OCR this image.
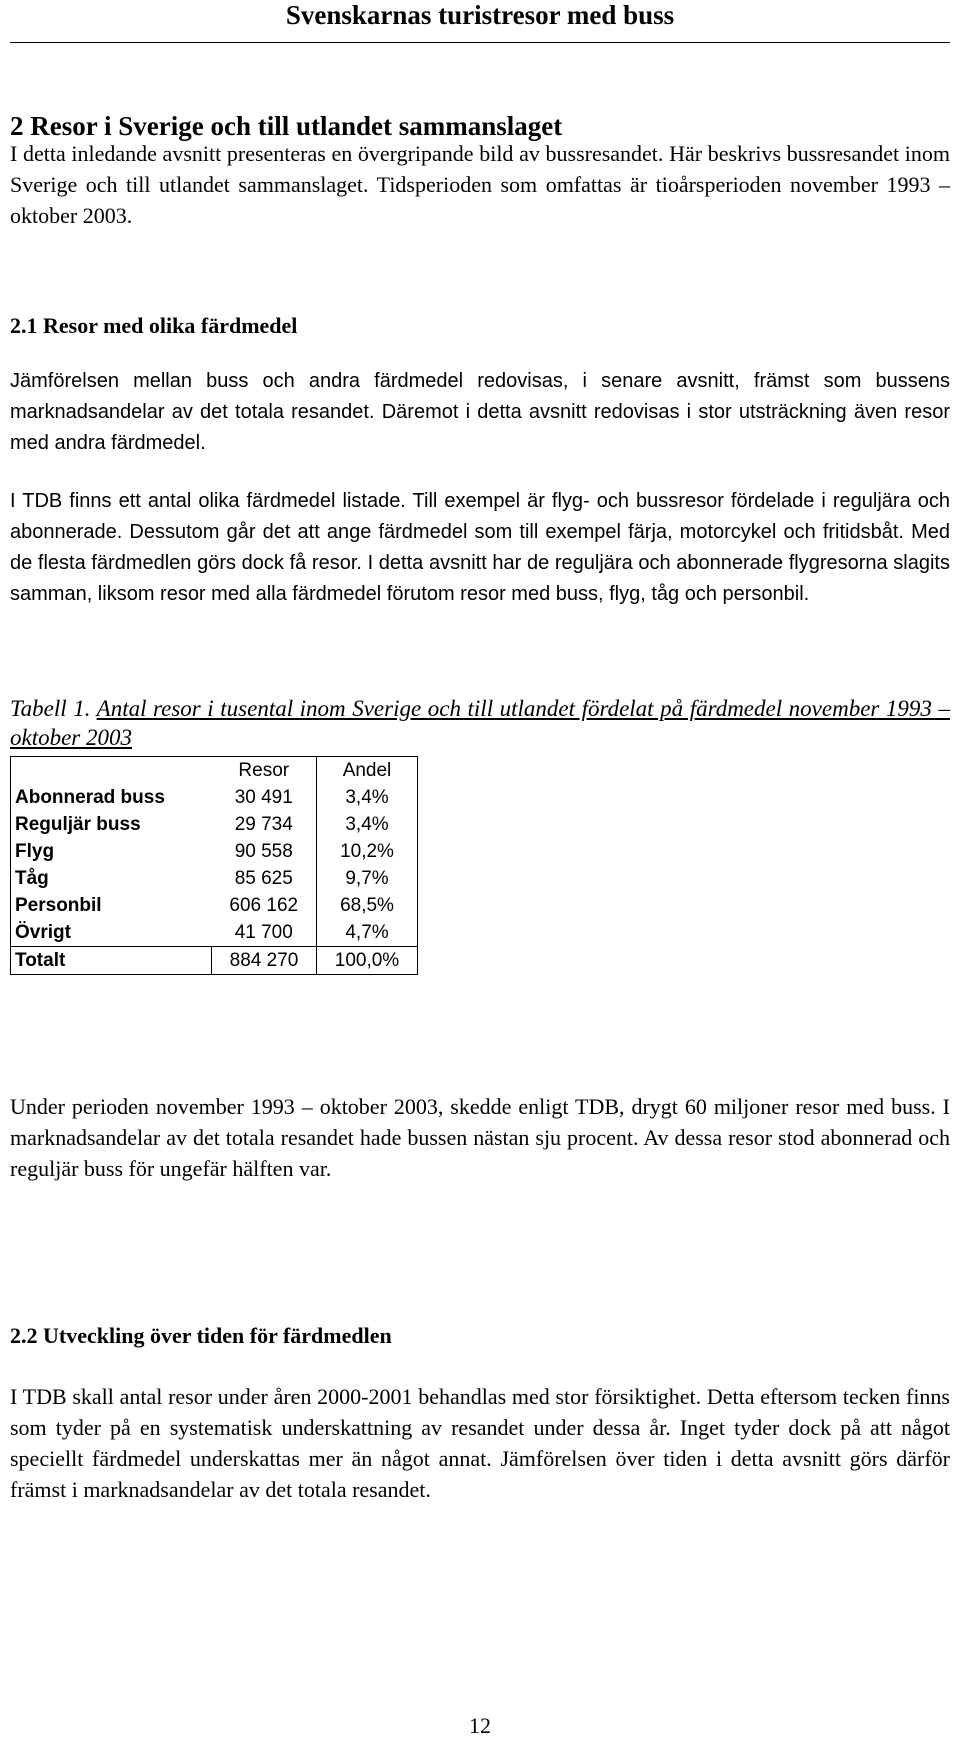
Svenskarnas turistresor med buss
2 Resor i Sverige och till utlandet sammanslaget

I detta inledande avsnitt presenteras en övergripande bild av bussresandet. Här beskrivs bussresandet inom Sverige och till utlandet sammanslaget. Tidsperioden som omfattas är tioårsperioden november 1993 – oktober 2003.

2.1 Resor med olika färdmedel

Jämförelsen mellan buss och andra färdmedel redovisas, i senare avsnitt, främst som bussens marknadsandelar av det totala resandet. Däremot i detta avsnitt redovisas i stor utsträckning även resor med andra färdmedel.

I TDB finns ett antal olika färdmedel listade. Till exempel är flyg- och bussresor fördelade i reguljära och abonnerade. Dessutom går det att ange färdmedel som till exempel färja, motorcykel och fritidsbåt. Med de flesta färdmedlen görs dock få resor. I detta avsnitt har de reguljära och abonnerade flygresorna slagits samman, liksom resor med alla färdmedel förutom resor med buss, flyg, tåg och personbil.

Tabell 1. Antal resor i tusental inom Sverige och till utlandet fördelat på färdmedel november 1993 – oktober 2003

	Resor	Andel
Abonnerad buss	30 491	3,4%
Reguljär buss	29 734	3,4%
Flyg	90 558	10,2%
Tåg	85 625	9,7%
Personbil	606 162	68,5%
Övrigt	41 700	4,7%
Totalt	884 270	100,0%

Under perioden november 1993 – oktober 2003, skedde enligt TDB, drygt 60 miljoner resor med buss. I marknadsandelar av det totala resandet hade bussen nästan sju procent. Av dessa resor stod abonnerad och reguljär buss för ungefär hälften var.

2.2 Utveckling över tiden för färdmedlen

I TDB skall antal resor under åren 2000-2001 behandlas med stor försiktighet. Detta eftersom tecken finns som tyder på en systematisk underskattning av resandet under dessa år. Inget tyder dock på att något speciellt färdmedel underskattas mer än något annat. Jämförelsen över tiden i detta avsnitt görs därför främst i marknadsandelar av det totala resandet.

12
